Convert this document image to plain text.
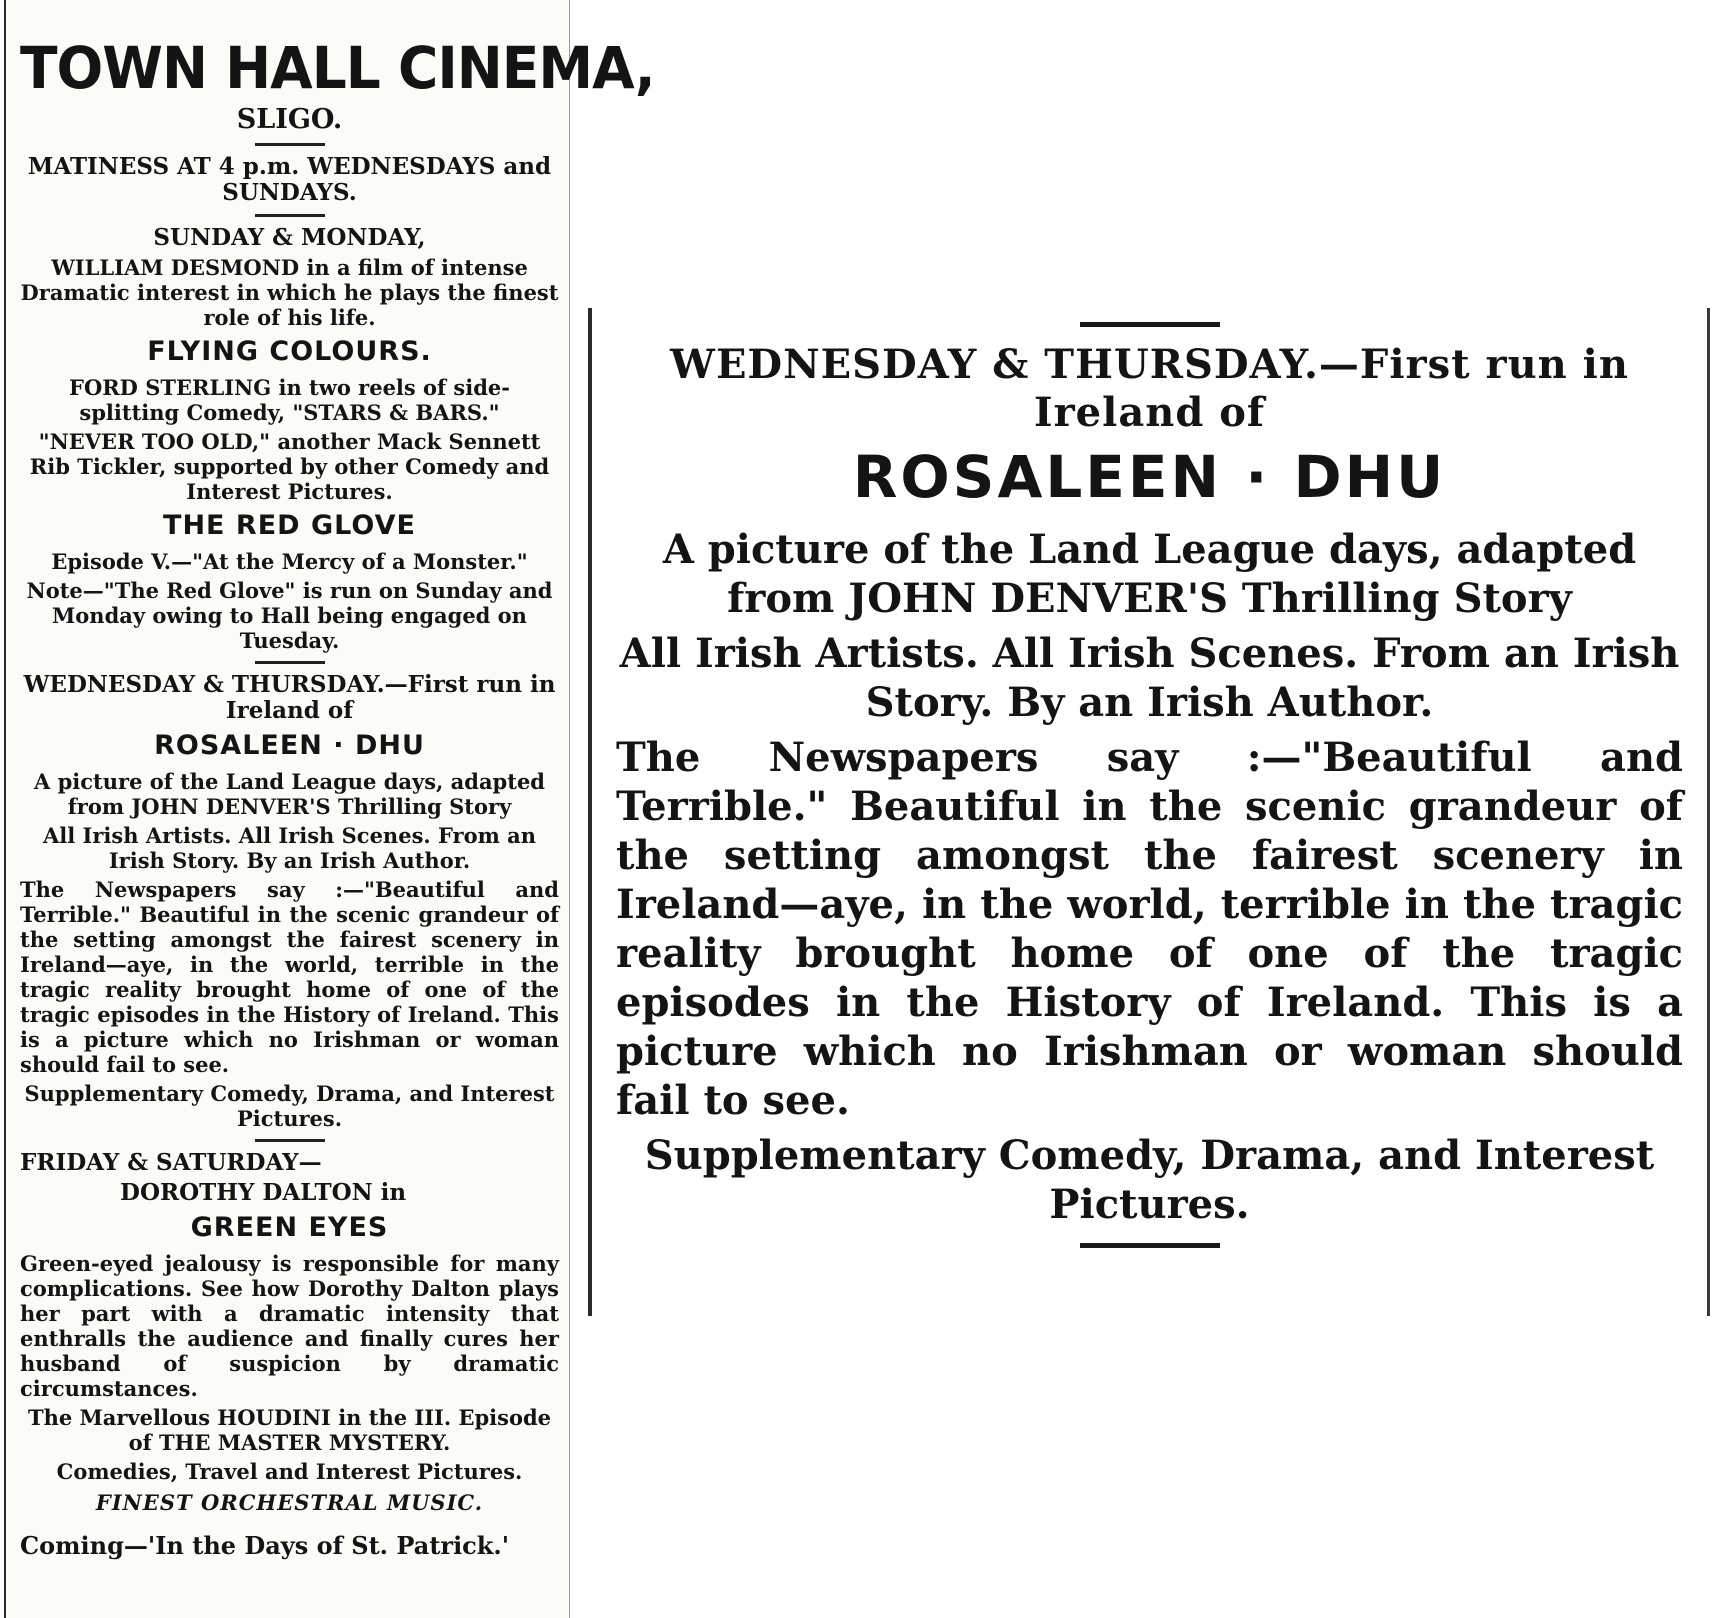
TOWN HALL CINEMA,
SLIGO.
MATINESS AT 4 p.m. WEDNESDAYS and SUNDAYS.
SUNDAY & MONDAY,
WILLIAM DESMOND in a film of intense Dramatic interest in which he plays the finest role of his life.
FLYING COLOURS.
FORD STERLING in two reels of side-splitting Comedy, "STARS & BARS."
"NEVER TOO OLD," another Mack Sennett Rib Tickler, supported by other Comedy and Interest Pictures.
THE RED GLOVE
Episode V.—"At the Mercy of a Monster."
Note—"The Red Glove" is run on Sunday and Monday owing to Hall being engaged on Tuesday.
WEDNESDAY & THURSDAY.—First run in Ireland of
ROSALEEN · DHU
A picture of the Land League days, adapted from JOHN DENVER'S Thrilling Story
All Irish Artists. All Irish Scenes. From an Irish Story. By an Irish Author.
The Newspapers say :—"Beautiful and Terrible." Beautiful in the scenic grandeur of the setting amongst the fairest scenery in Ireland—aye, in the world, terrible in the tragic reality brought home of one of the tragic episodes in the History of Ireland. This is a picture which no Irishman or woman should fail to see.
Supplementary Comedy, Drama, and Interest Pictures.
FRIDAY & SATURDAY—
DOROTHY DALTON in
GREEN EYES
Green-eyed jealousy is responsible for many complications. See how Dorothy Dalton plays her part with a dramatic intensity that enthralls the audience and finally cures her husband of suspicion by dramatic circumstances.
The Marvellous HOUDINI in the III. Episode of THE MASTER MYSTERY.
Comedies, Travel and Interest Pictures.
FINEST ORCHESTRAL MUSIC.
Coming—'In the Days of St. Patrick.'
WEDNESDAY & THURSDAY.—First run in Ireland of
ROSALEEN · DHU
A picture of the Land League days, adapted from JOHN DENVER'S Thrilling Story
All Irish Artists. All Irish Scenes. From an Irish Story. By an Irish Author.
The Newspapers say :—"Beautiful and Terrible." Beautiful in the scenic grandeur of the setting amongst the fairest scenery in Ireland—aye, in the world, terrible in the tragic reality brought home of one of the tragic episodes in the History of Ireland. This is a picture which no Irishman or woman should fail to see.
Supplementary Comedy, Drama, and Interest Pictures.
